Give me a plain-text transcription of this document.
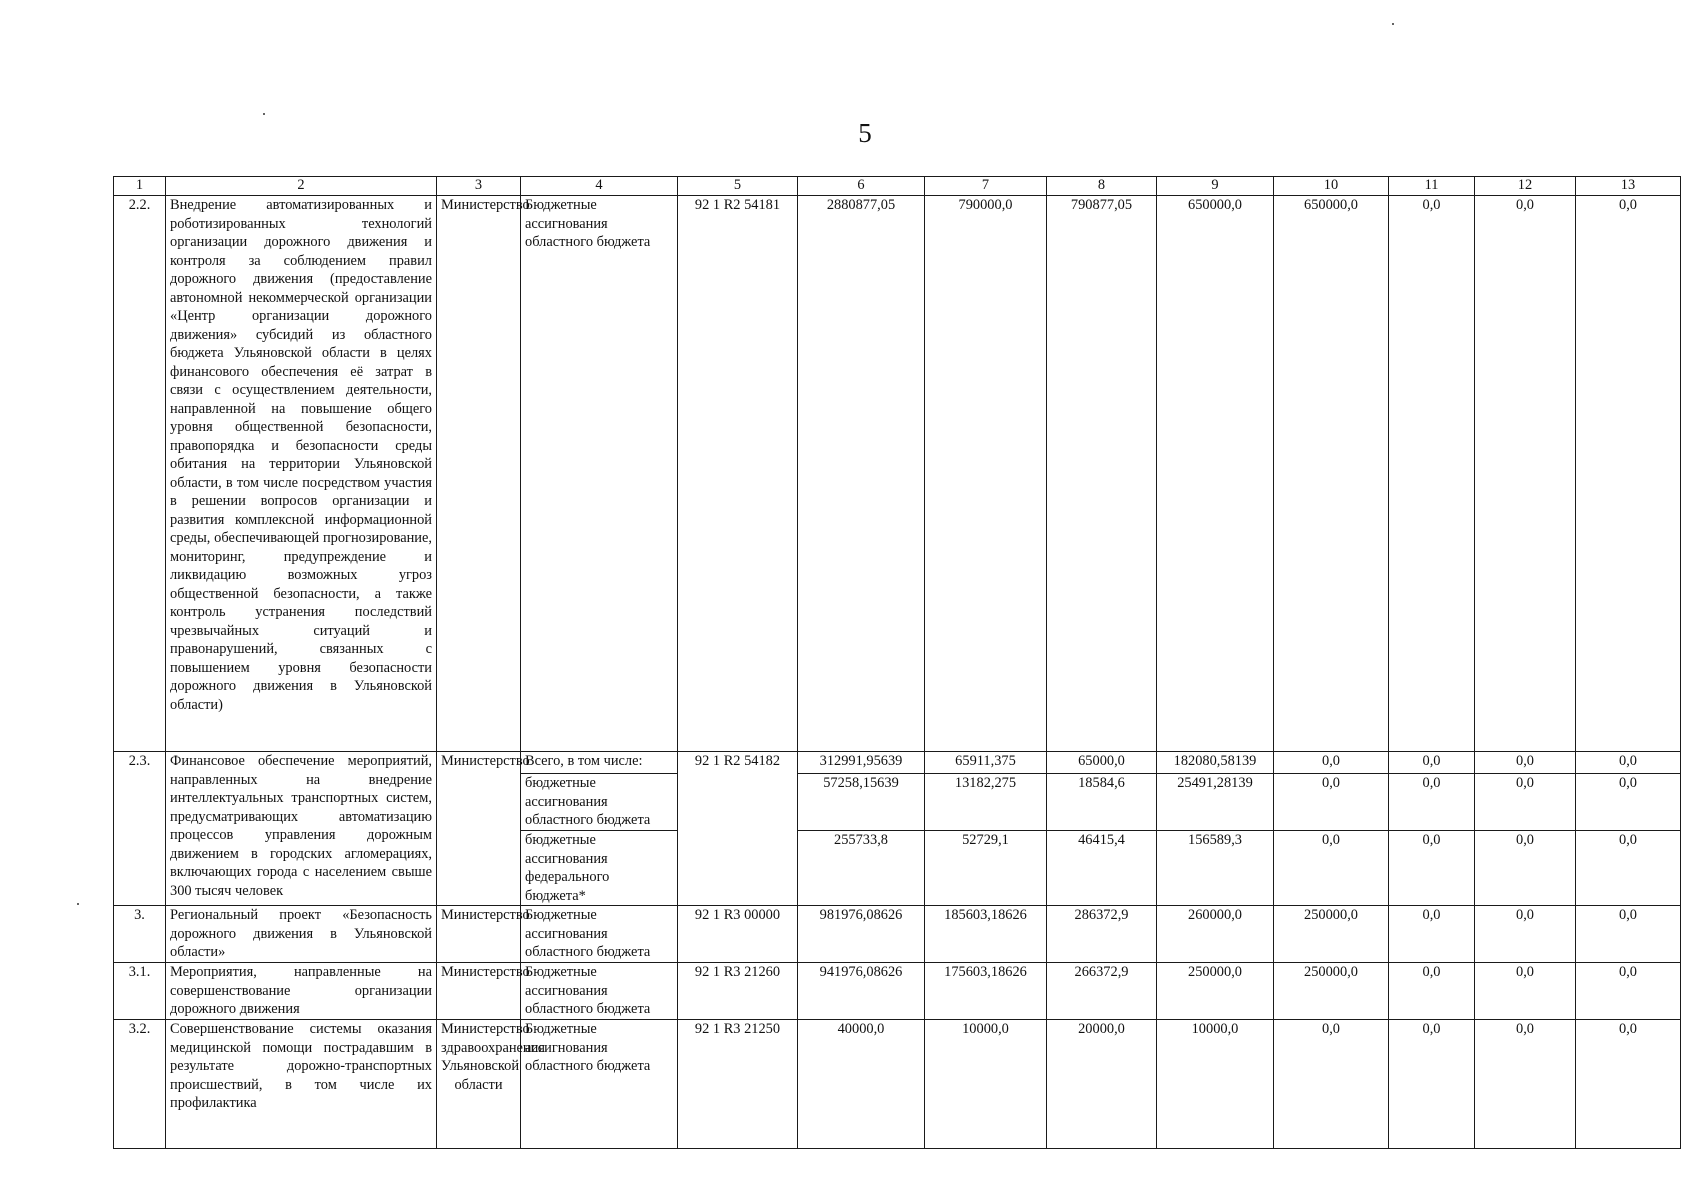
5
1	2	3	4	5	6	7	8	9	10	11	12	13
2.2.	Внедрение автоматизированных и роботизированных технологий организации дорожного движения и контроля за соблюдением правил дорожного движения (предоставление автономной некоммерческой организации «Центр организации дорожного движения» субсидий из областного бюджета Ульяновской области в целях финансового обеспечения её затрат в связи с осуществлением деятельности, направленной на повышение общего уровня общественной безопасности, правопорядка и безопасности среды обитания на территории Ульяновской области, в том числе посредством участия в решении вопросов организации и развития комплексной информационной среды, обеспечивающей прогнозирование, мониторинг, предупреждение и ликвидацию возможных угроз общественной безопасности, а также контроль устранения последствий чрезвычайных ситуаций и правонарушений, связанных с повышением уровня безопасности дорожного движения в Ульяновской области)	Министерство	Бюджетные ассигнования областного бюджета	92 1 R2 54181	2880877,05	790000,0	790877,05	650000,0	650000,0	0,0	0,0	0,0
2.3.	Финансовое обеспечение мероприятий, направленных на внедрение интеллектуальных транспортных систем, предусматривающих автоматизацию процессов управления дорожным движением в городских агломерациях, включающих города с населением свыше 300 тысяч человек	Министерство	Всего, в том числе:	92 1 R2 54182	312991,95639	65911,375	65000,0	182080,58139	0,0	0,0	0,0	0,0
			бюджетные ассигнования областного бюджета		57258,15639	13182,275	18584,6	25491,28139	0,0	0,0	0,0	0,0
			бюджетные ассигнования федерального бюджета*		255733,8	52729,1	46415,4	156589,3	0,0	0,0	0,0	0,0
3.	Региональный проект «Безопасность дорожного движения в Ульяновской области»	Министерство	Бюджетные ассигнования областного бюджета	92 1 R3 00000	981976,08626	185603,18626	286372,9	260000,0	250000,0	0,0	0,0	0,0
3.1.	Мероприятия, направленные на совершенствование организации дорожного движения	Министерство	Бюджетные ассигнования областного бюджета	92 1 R3 21260	941976,08626	175603,18626	266372,9	250000,0	250000,0	0,0	0,0	0,0
3.2.	Совершенствование системы оказания медицинской помощи пострадавшим в результате дорожно-транспортных происшествий, в том числе их профилактика	Министерство здравоохранения Ульяновской области	Бюджетные ассигнования областного бюджета	92 1 R3 21250	40000,0	10000,0	20000,0	10000,0	0,0	0,0	0,0	0,0
